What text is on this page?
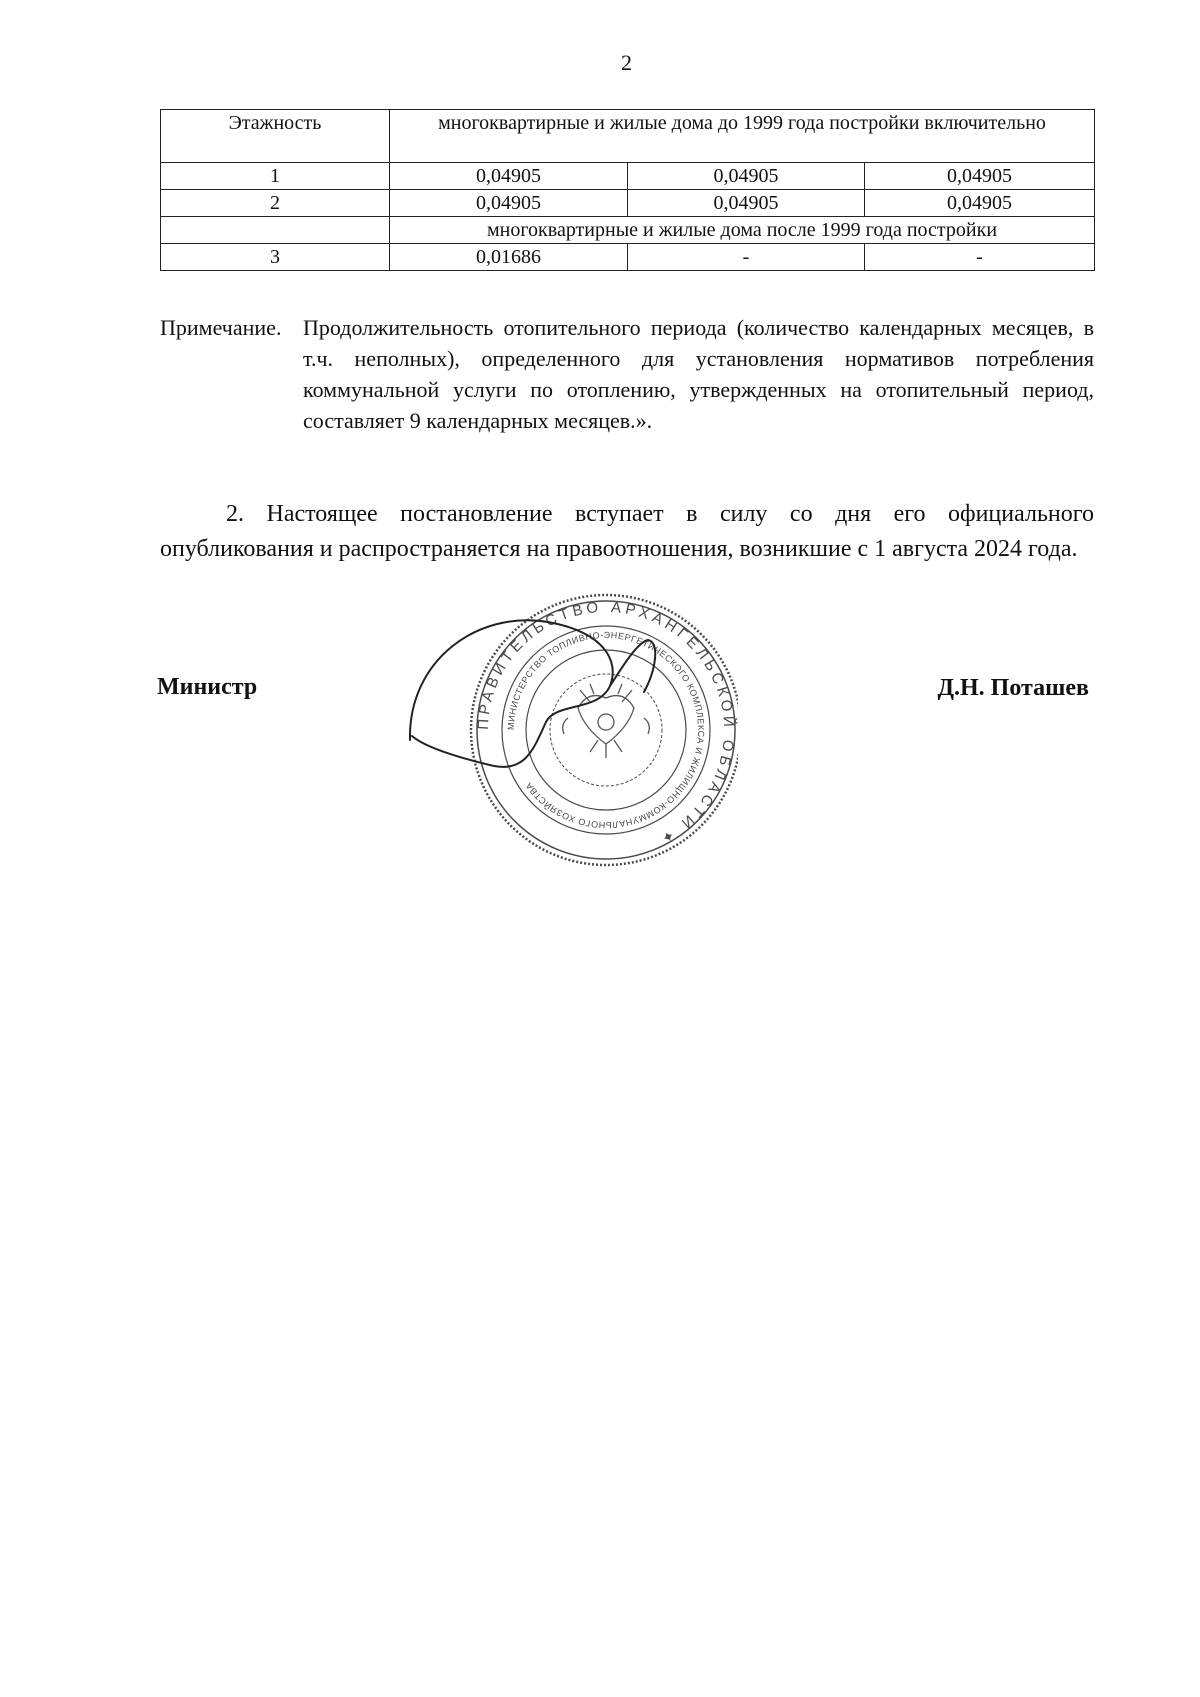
2
Этажность	многоквартирные и жилые дома до 1999 года постройки включительно		
1	0,04905	0,04905	0,04905
2	0,04905	0,04905	0,04905
	многоквартирные и жилые дома после 1999 года постройки		
3	0,01686	-	-
Примечание. Продолжительность отопительного периода (количество календарных месяцев, в т.ч. неполных), определенного для установления нормативов потребления коммунальной услуги по отоплению, утвержденных на отопительный период, составляет 9 календарных месяцев.».
2. Настоящее постановление вступает в силу со дня его официального опубликования и распространяется на правоотношения, возникшие с 1 августа 2024 года.
Министр	Д.Н. Поташев
ПРАВИТЕЛЬСТВО АРХАНГЕЛЬСКОЙ ОБЛАСТИ ✦
МИНИСТЕРСТВО ТОПЛИВНО-ЭНЕРГЕТИЧЕСКОГО КОМПЛЕКСА И ЖИЛИЩНО-КОММУНАЛЬНОГО ХОЗЯЙСТВА
